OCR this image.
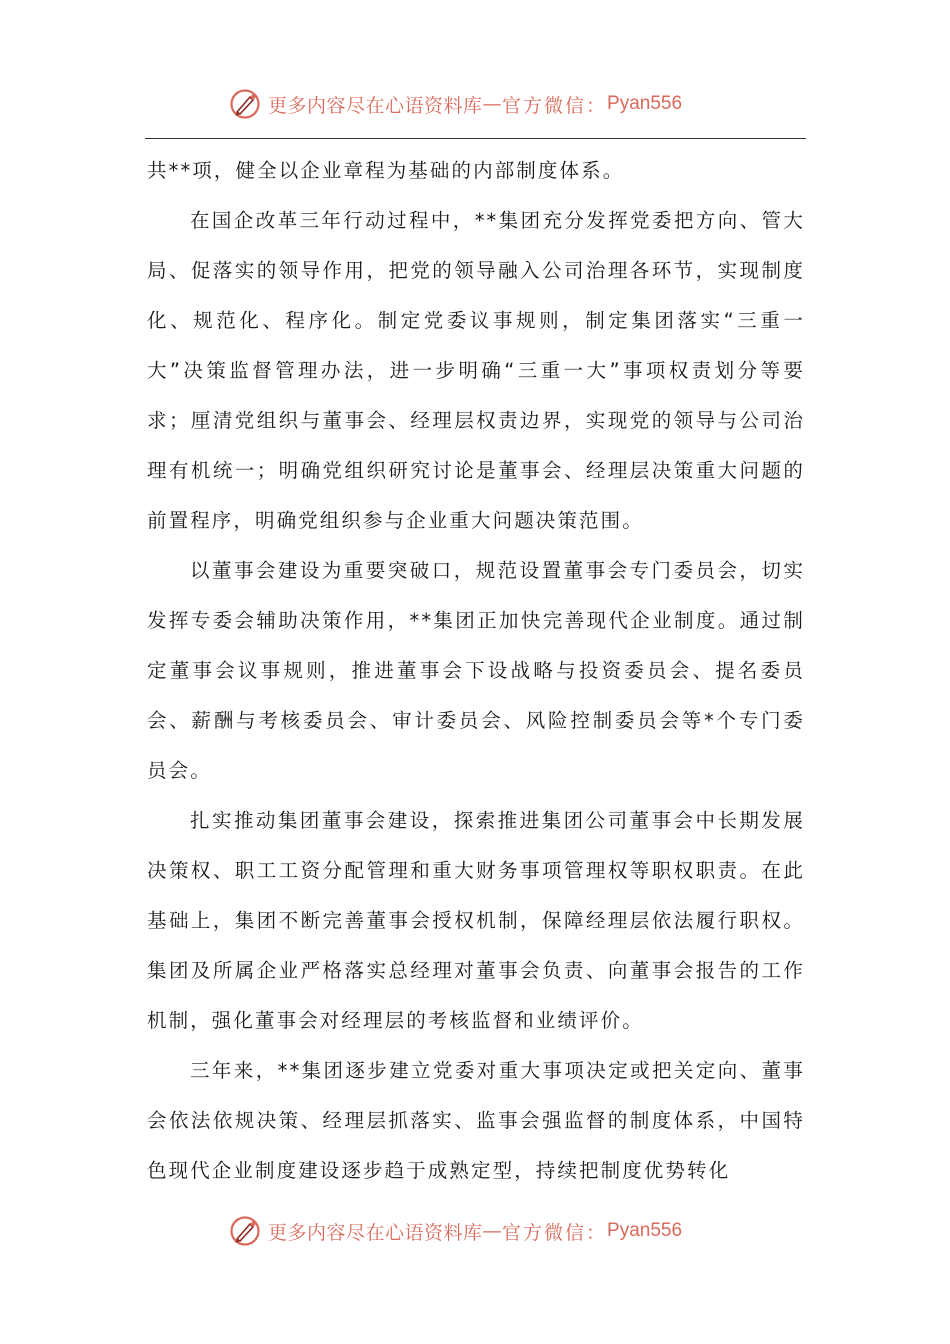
更多内容尽在心语资料库 — 官方微信： Pyan556

共**项，健全以企业章程为基础的内部制度体系。

在国企改革三年行动过程中，**集团充分发挥党委把方向、管大局、促落实的领导作用，把党的领导融入公司治理各环节，实现制度化、规范化、程序化。制定党委议事规则，制定集团落实“三重一大”决策监督管理办法，进一步明确“三重一大”事项权责划分等要求；厘清党组织与董事会、经理层权责边界，实现党的领导与公司治理有机统一；明确党组织研究讨论是董事会、经理层决策重大问题的前置程序，明确党组织参与企业重大问题决策范围。

以董事会建设为重要突破口，规范设置董事会专门委员会，切实发挥专委会辅助决策作用，**集团正加快完善现代企业制度。通过制定董事会议事规则，推进董事会下设战略与投资委员会、提名委员会、薪酬与考核委员会、审计委员会、风险控制委员会等*个专门委员会。

扎实推动集团董事会建设，探索推进集团公司董事会中长期发展决策权、职工工资分配管理和重大财务事项管理权等职权职责。在此基础上，集团不断完善董事会授权机制，保障经理层依法履行职权。集团及所属企业严格落实总经理对董事会负责、向董事会报告的工作机制，强化董事会对经理层的考核监督和业绩评价。

三年来，**集团逐步建立党委对重大事项决定或把关定向、董事会依法依规决策、经理层抓落实、监事会强监督的制度体系，中国特色现代企业制度建设逐步趋于成熟定型，持续把制度优势转化

更多内容尽在心语资料库 — 官方微信： Pyan556
